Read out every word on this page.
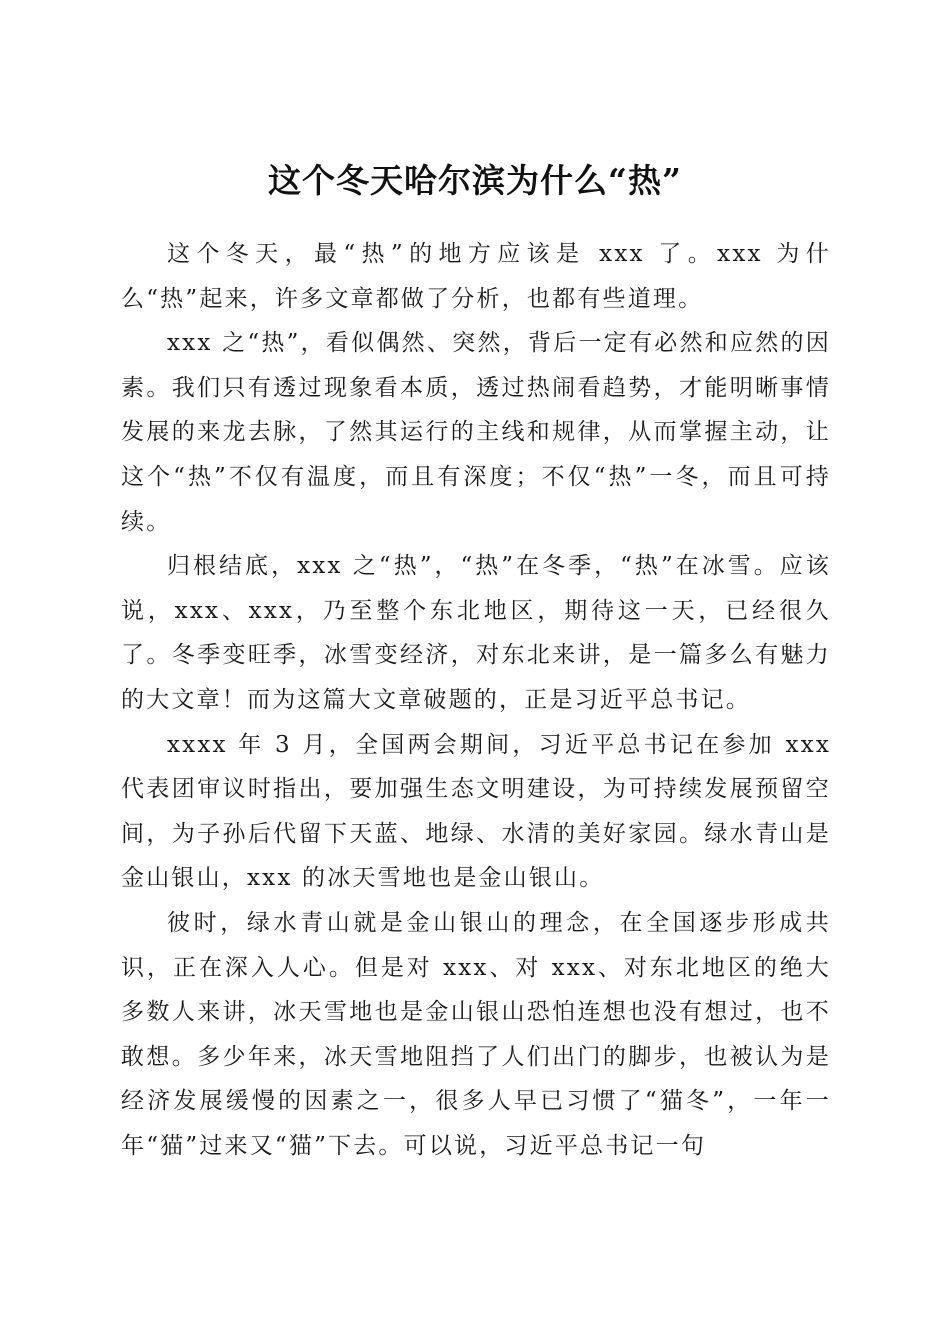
这个冬天哈尔滨为什么“热”

这个冬天，最“热”的地方应该是 xxx 了。xxx 为什么“热”起来，许多文章都做了分析，也都有些道理。

xxx 之“热”，看似偶然、突然，背后一定有必然和应然的因素。我们只有透过现象看本质，透过热闹看趋势，才能明晰事情发展的来龙去脉，了然其运行的主线和规律，从而掌握主动，让这个“热”不仅有温度，而且有深度；不仅“热”一冬，而且可持续。

归根结底，xxx 之“热”，“热”在冬季，“热”在冰雪。应该说，xxx、xxx，乃至整个东北地区，期待这一天，已经很久了。冬季变旺季，冰雪变经济，对东北来讲，是一篇多么有魅力的大文章！而为这篇大文章破题的，正是习近平总书记。

xxxx 年 3 月，全国两会期间，习近平总书记在参加 xxx 代表团审议时指出，要加强生态文明建设，为可持续发展预留空间，为子孙后代留下天蓝、地绿、水清的美好家园。绿水青山是金山银山，xxx 的冰天雪地也是金山银山。

彼时，绿水青山就是金山银山的理念，在全国逐步形成共识，正在深入人心。但是对 xxx、对 xxx、对东北地区的绝大多数人来讲，冰天雪地也是金山银山恐怕连想也没有想过，也不敢想。多少年来，冰天雪地阻挡了人们出门的脚步，也被认为是经济发展缓慢的因素之一，很多人早已习惯了“猫冬”，一年一年“猫”过来又“猫”下去。可以说，习近平总书记一句
